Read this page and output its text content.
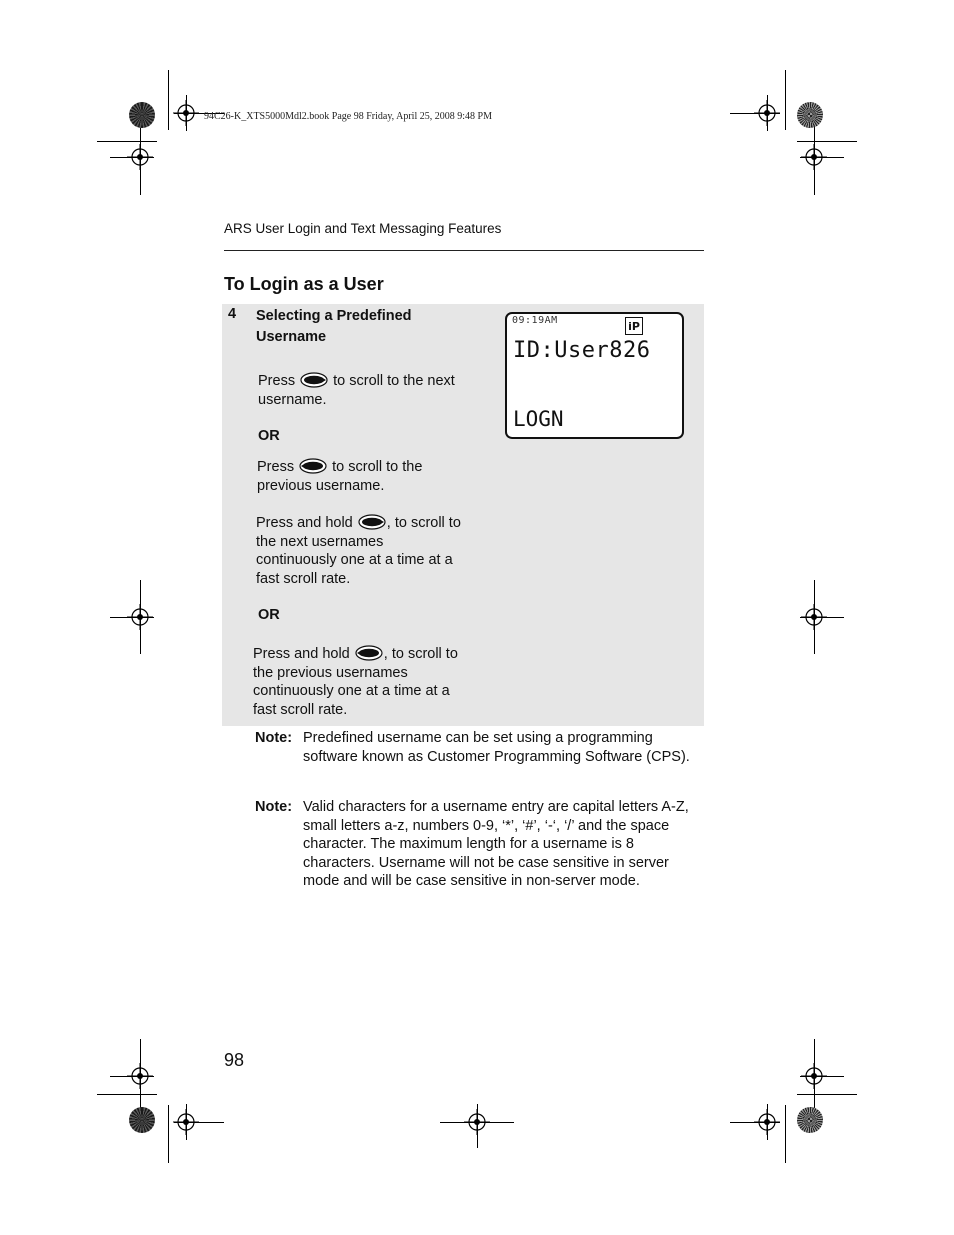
94C26-K_XTS5000Mdl2.book Page 98 Friday, April 25, 2008 9:48 PM
ARS User Login and Text Messaging Features
To Login as a User
4 Selecting a Predefined Username
Press	to scroll to the next username.
OR
Press	to scroll to the previous username.
Press and hold , to scroll to the next usernames continuously one at a time at a fast scroll rate.
OR
Press and hold , to scroll to the previous usernames continuously one at a time at a fast scroll rate.
09:19AM	iP
ID:User826
LOGN
Note: Predefined username can be set using a programming software known as Customer Programming Software (CPS).
Note: Valid characters for a username entry are capital letters A-Z, small letters a-z, numbers 0-9, ‘*’, ‘#’, ‘-‘, ‘/’ and the space character. The maximum length for a username is 8 characters. Username will not be case sensitive in server mode and will be case sensitive in non-server mode.
98
